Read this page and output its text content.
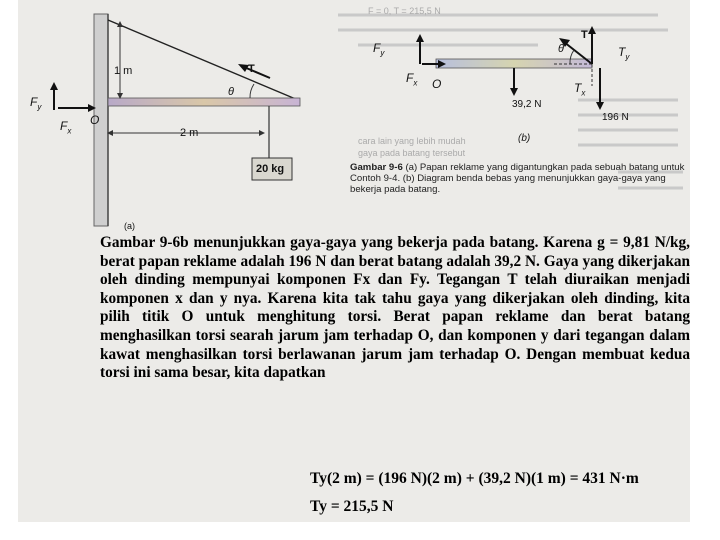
1 m
2 m
T
θ
$F_y$
$F_x$
O
20 kg
(a)
$F_y$
$F_x$ O
T
θ	$T_y$
$T_x$
39,2 N
196 N
(b)
Gambar 9-6 (a) Papan reklame yang digantungkan pada sebuah batang untuk Contoh 9-4. (b) Diagram benda bebas yang menunjukkan gaya-gaya yang bekerja pada batang.
F = 0, T = 215,5 N
cara lain yang lebih mudah
gaya pada batang tersebut

Gambar 9-6b menunjukkan gaya-gaya yang bekerja pada batang. Karena g = 9,81 N/kg, berat papan reklame adalah 196 N dan berat batang adalah 39,2 N. Gaya yang dikerjakan oleh dinding mempunyai komponen Fx dan Fy. Tegangan T telah diuraikan menjadi komponen x dan y nya. Karena kita tak tahu gaya yang dikerjakan oleh dinding, kita pilih titik O untuk menghitung torsi. Berat papan reklame dan berat batang menghasilkan torsi searah jarum jam terhadap O, dan komponen y dari tegangan dalam kawat menghasilkan torsi berlawanan jarum jam terhadap O. Dengan membuat kedua torsi ini sama besar, kita dapatkan

Ty(2 m) = (196 N)(2 m) + (39,2 N)(1 m) = 431 N·m
Ty = 215,5 N
